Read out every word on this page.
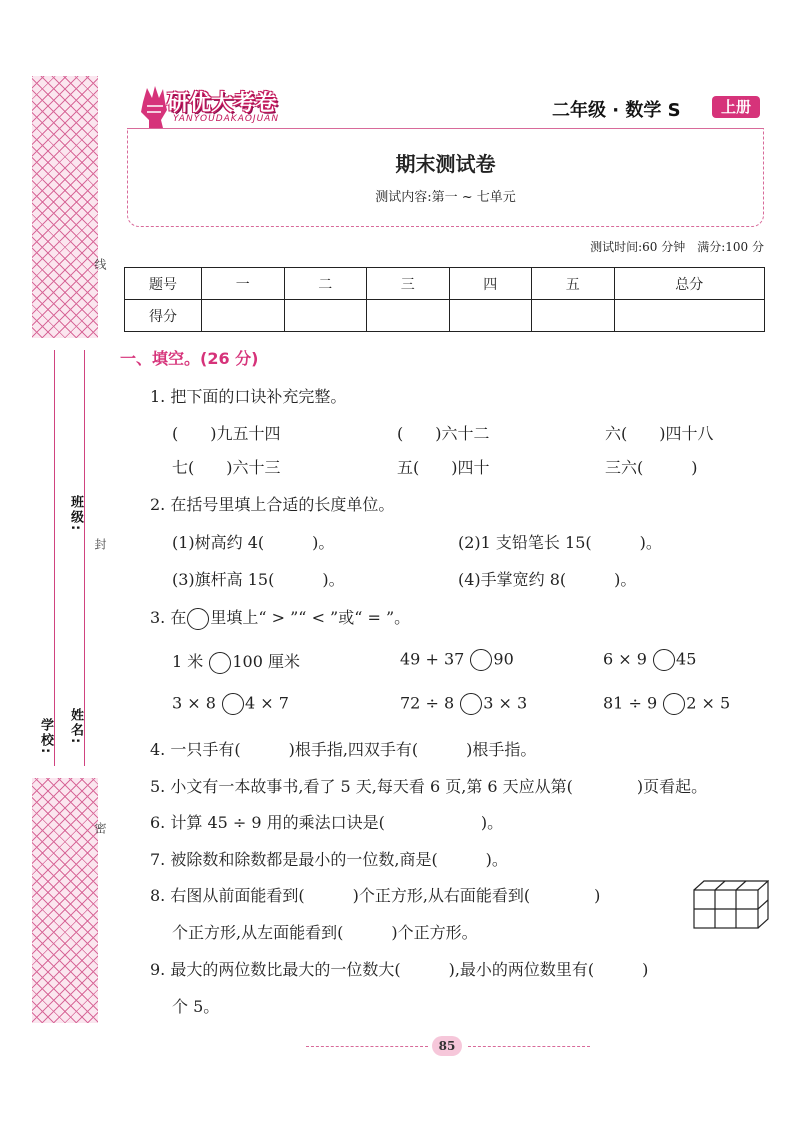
学校: 姓名:
班级:
线
封
密
研优大考卷
YANYOUDAKAOJUAN	二年级 · 数学 S	上册
期末测试卷
测试内容:第一 ~ 七单元
测试时间:60 分钟　满分:100 分
题号	一	二	三	四	五	总分
得分						
一、填空。(26 分)
1. 把下面的口诀补充完整。
(　　)九五十四	(　　)六十二	六(　　)四十八
七(　　)六十三	五(　　)四十	三六(　　　)
2. 在括号里填上合适的长度单位。
(1)树高约 4(　　　)。	(2)1 支铅笔长 15(　　　)。
(3)旗杆高 15(　　　)。	(4)手掌宽约 8(　　　)。
3. 在 里填上“ > ”“ < ”或“ = ”。
1 米 100 厘米	49 + 37 90	6 × 9 45
3 × 8 4 × 7	72 ÷ 8 3 × 3	81 ÷ 9 2 × 5
4. 一只手有(　　　)根手指,四双手有(　　　)根手指。
5. 小文有一本故事书,看了 5 天,每天看 6 页,第 6 天应从第(　　　　)页看起。
6. 计算 45 ÷ 9 用的乘法口诀是(　　　　　　)。
7. 被除数和除数都是最小的一位数,商是(　　　)。
8. 右图从前面能看到(　　　)个正方形,从右面能看到(　　　　)
个正方形,从左面能看到(　　　)个正方形。
9. 最大的两位数比最大的一位数大(　　　),最小的两位数里有(　　　)
个 5。
85
